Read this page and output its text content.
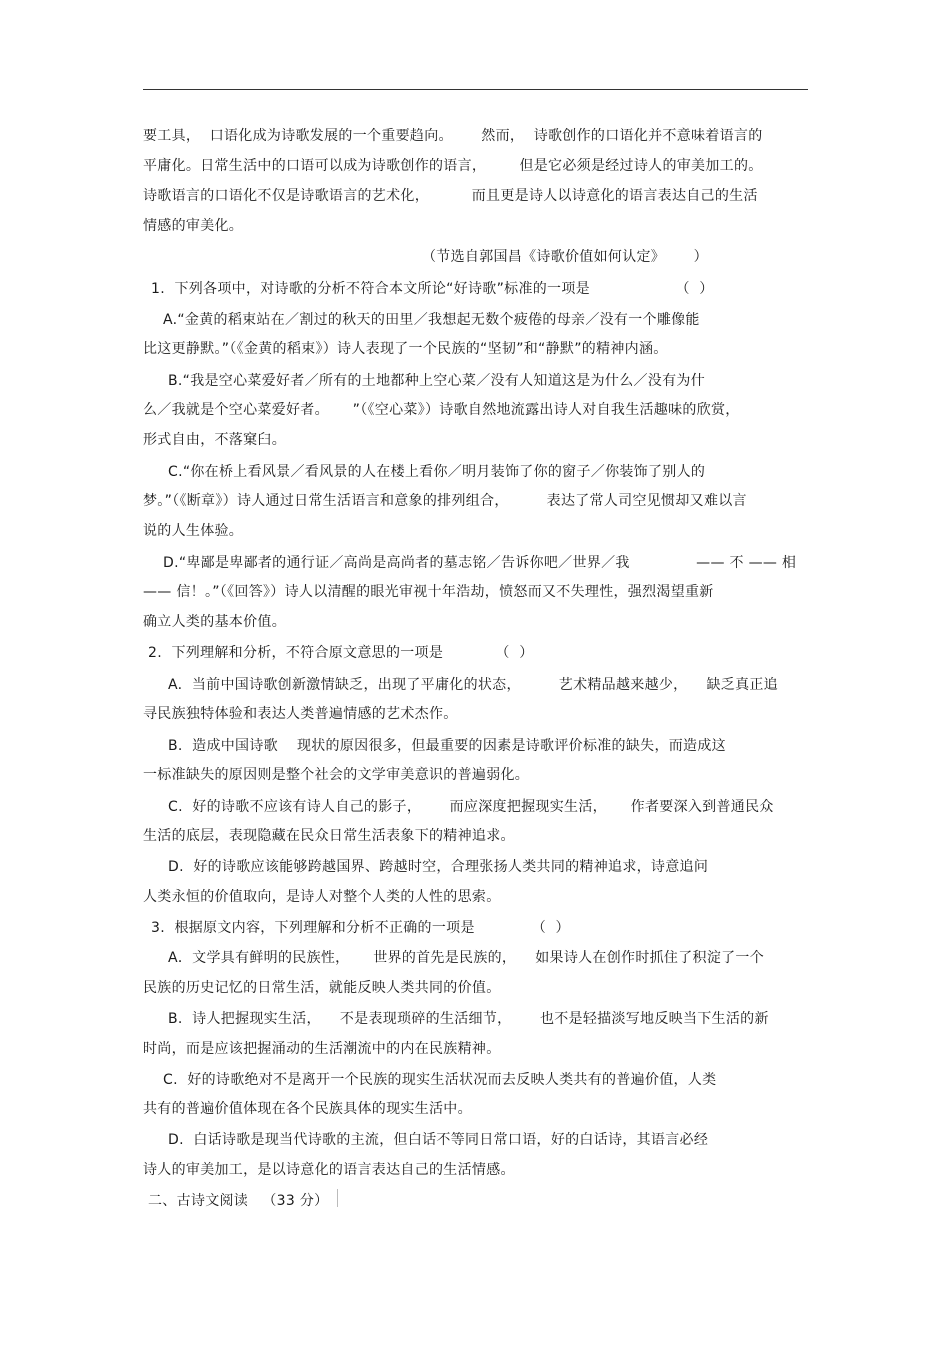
要工具，  口语化成为诗歌发展的一个重要趋向。      然而，  诗歌创作的口语化并不意味着语言的
平庸化。日常生活中的口语可以成为诗歌创作的语言，       但是它必须是经过诗人的审美加工的。
诗歌语言的口语化不仅是诗歌语言的艺术化，         而且更是诗人以诗意化的语言表达自己的生活
情感的审美化。
（节选自郭国昌《诗歌价值如何认定》      ）
1.  下列各项中，对诗歌的分析不符合本文所论“好诗歌”标准的一项是                  （  ）
A.“金黄的稻束站在／割过的秋天的田里／我想起无数个疲倦的母亲／没有一个雕像能
比这更静默。”（《金黄的稻束》）诗人表现了一个民族的“坚韧”和“静默”的精神内涵。
B.“我是空心菜爱好者／所有的土地都种上空心菜／没有人知道这是为什么／没有为什
么／我就是个空心菜爱好者。     ”（《空心菜》）诗歌自然地流露出诗人对自我生活趣味的欣赏，
形式自由，不落窠臼。
C.“你在桥上看风景／看风景的人在楼上看你／明月装饰了你的窗子／你装饰了别人的
梦。”（《断章》）诗人通过日常生活语言和意象的排列组合，        表达了常人司空见惯却又难以言
说的人生体验。
D.“卑鄙是卑鄙者的通行证／高尚是高尚者的墓志铭／告诉你吧／世界／我              —— 不 —— 相
—— 信！。”（《回答》）诗人以清醒的眼光审视十年浩劫，愤怒而又不失理性，强烈渴望重新
确立人类的基本价值。
2.  下列理解和分析，不符合原文意思的一项是           （  ）
A.  当前中国诗歌创新激情缺乏，出现了平庸化的状态，        艺术精品越来越少，    缺乏真正追
寻民族独特体验和表达人类普遍情感的艺术杰作。
B.  造成中国诗歌    现状的原因很多，但最重要的因素是诗歌评价标准的缺失，而造成这
一标准缺失的原因则是整个社会的文学审美意识的普遍弱化。
C.  好的诗歌不应该有诗人自己的影子，      而应深度把握现实生活，     作者要深入到普通民众
生活的底层，表现隐藏在民众日常生活表象下的精神追求。
D.  好的诗歌应该能够跨越国界、跨越时空，合理张扬人类共同的精神追求，诗意追问
人类永恒的价值取向，是诗人对整个人类的人性的思索。
3.  根据原文内容，下列理解和分析不正确的一项是            （  ）
A．文学具有鲜明的民族性，     世界的首先是民族的，    如果诗人在创作时抓住了积淀了一个
民族的历史记忆的日常生活，就能反映人类共同的价值。
B.  诗人把握现实生活，    不是表现琐碎的生活细节，      也不是轻描淡写地反映当下生活的新
时尚，而是应该把握涌动的生活潮流中的内在民族精神。
C.  好的诗歌绝对不是离开一个民族的现实生活状况而去反映人类共有的普遍价值，人类
共有的普遍价值体现在各个民族具体的现实生活中。
D.  白话诗歌是现当代诗歌的主流，但白话不等同日常口语，好的白话诗，其语言必经
诗人的审美加工，是以诗意化的语言表达自己的生活情感。
二、古诗文阅读   （33 分）
